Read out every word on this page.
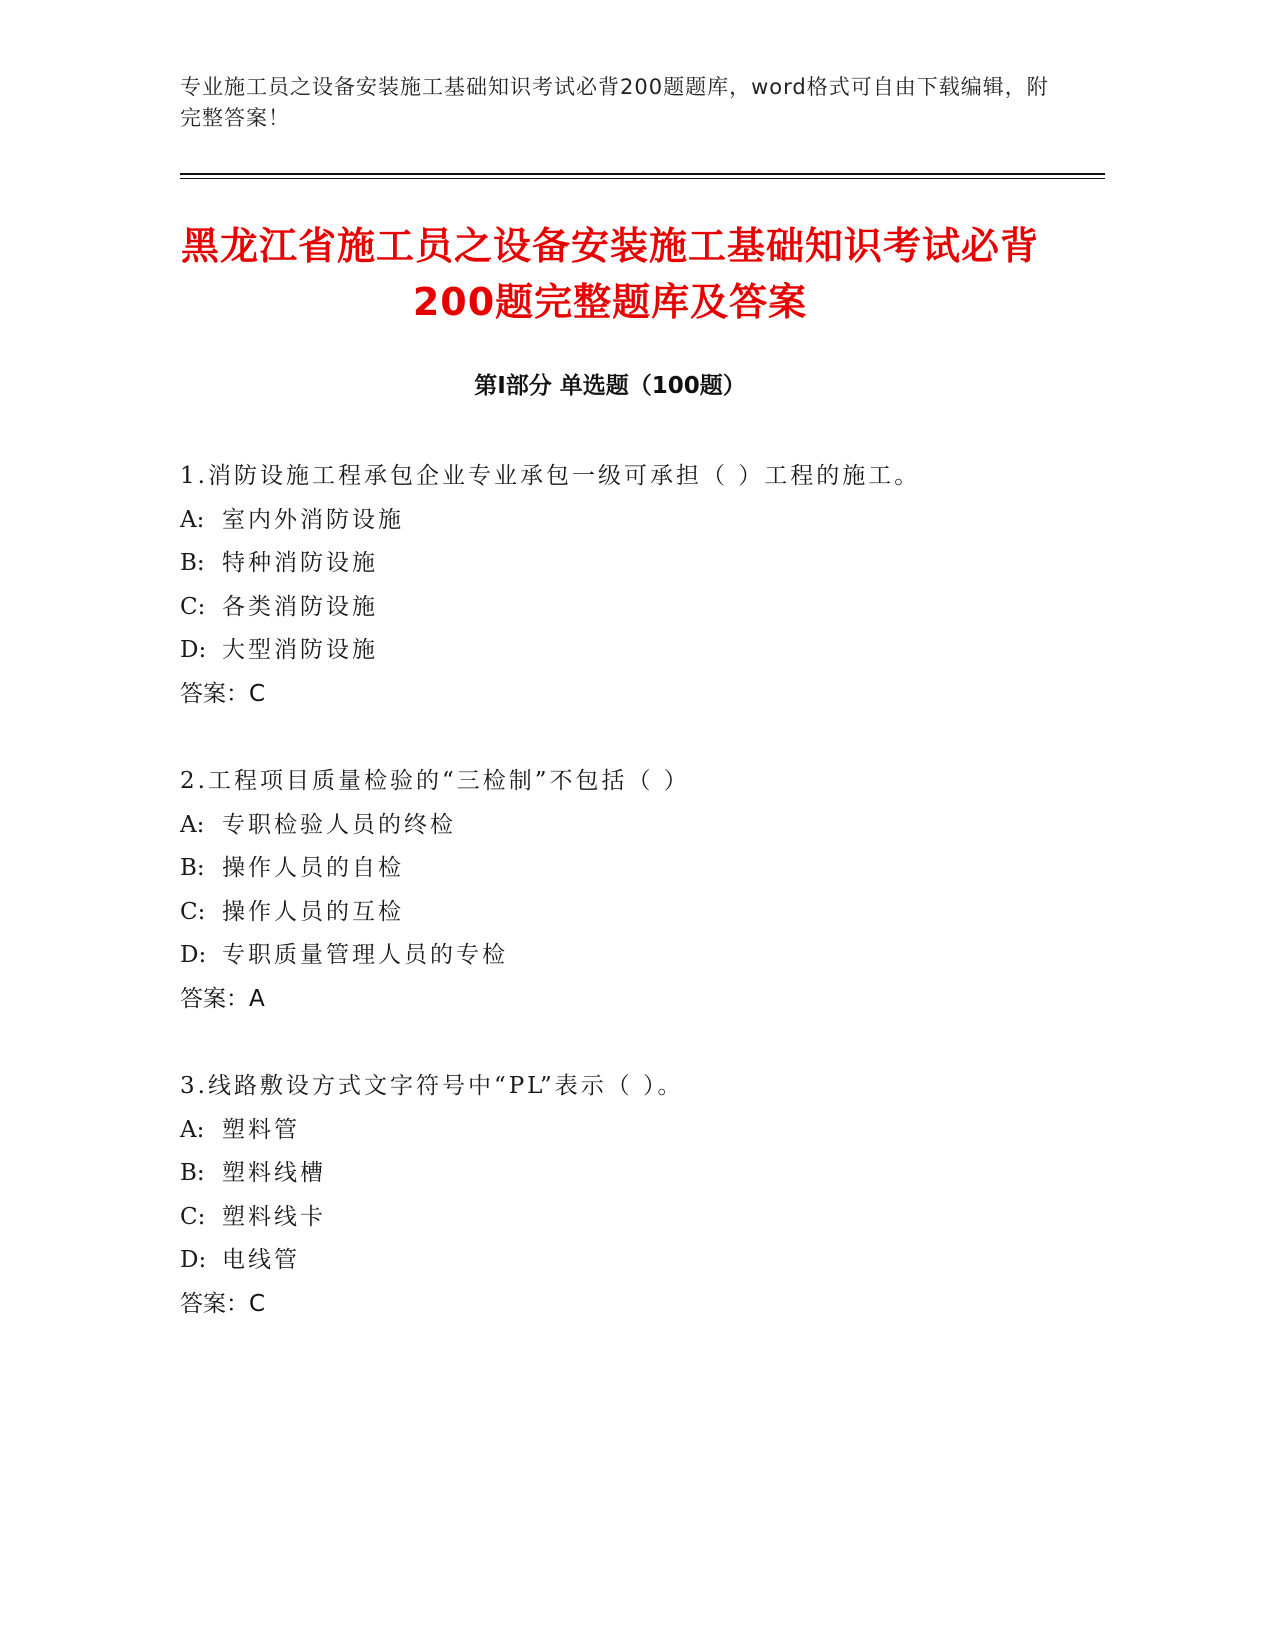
专业施工员之设备安装施工基础知识考试必背200题题库，word格式可自由下载编辑，附完整答案！
黑龙江省施工员之设备安装施工基础知识考试必背200题完整题库及答案
第Ⅰ部分 单选题（100题）
1.消防设施工程承包企业专业承包一级可承担（ ）工程的施工。
A: 室内外消防设施
B: 特种消防设施
C: 各类消防设施
D: 大型消防设施
答案：C
2.工程项目质量检验的“三检制”不包括（ ）
A: 专职检验人员的终检
B: 操作人员的自检
C: 操作人员的互检
D: 专职质量管理人员的专检
答案：A
3.线路敷设方式文字符号中“PL”表示（ ）。
A: 塑料管
B: 塑料线槽
C: 塑料线卡
D: 电线管
答案：C
